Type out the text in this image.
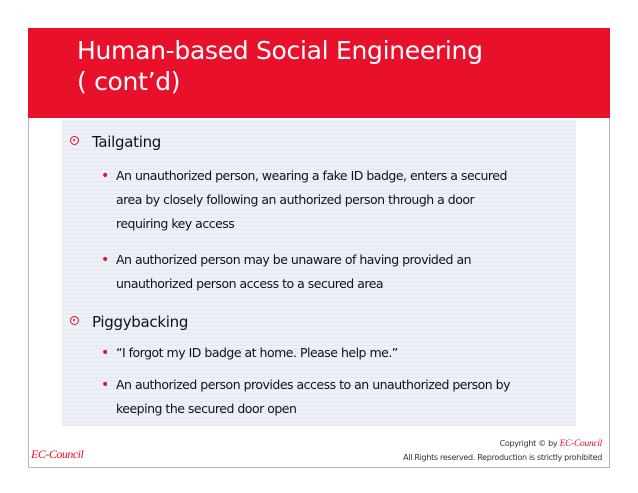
Human-based Social Engineering
( cont’d)
Tailgating
• An unauthorized person, wearing a fake ID badge, enters a secured
area by closely following an authorized person through a door
requiring key access
• An authorized person may be unaware of having provided an
unauthorized person access to a secured area
Piggybacking
• “I forgot my ID badge at home. Please help me.”
• An authorized person provides access to an unauthorized person by
keeping the secured door open
EC-Council
Copyright © by EC-Council
All Rights reserved. Reproduction is strictly prohibited
